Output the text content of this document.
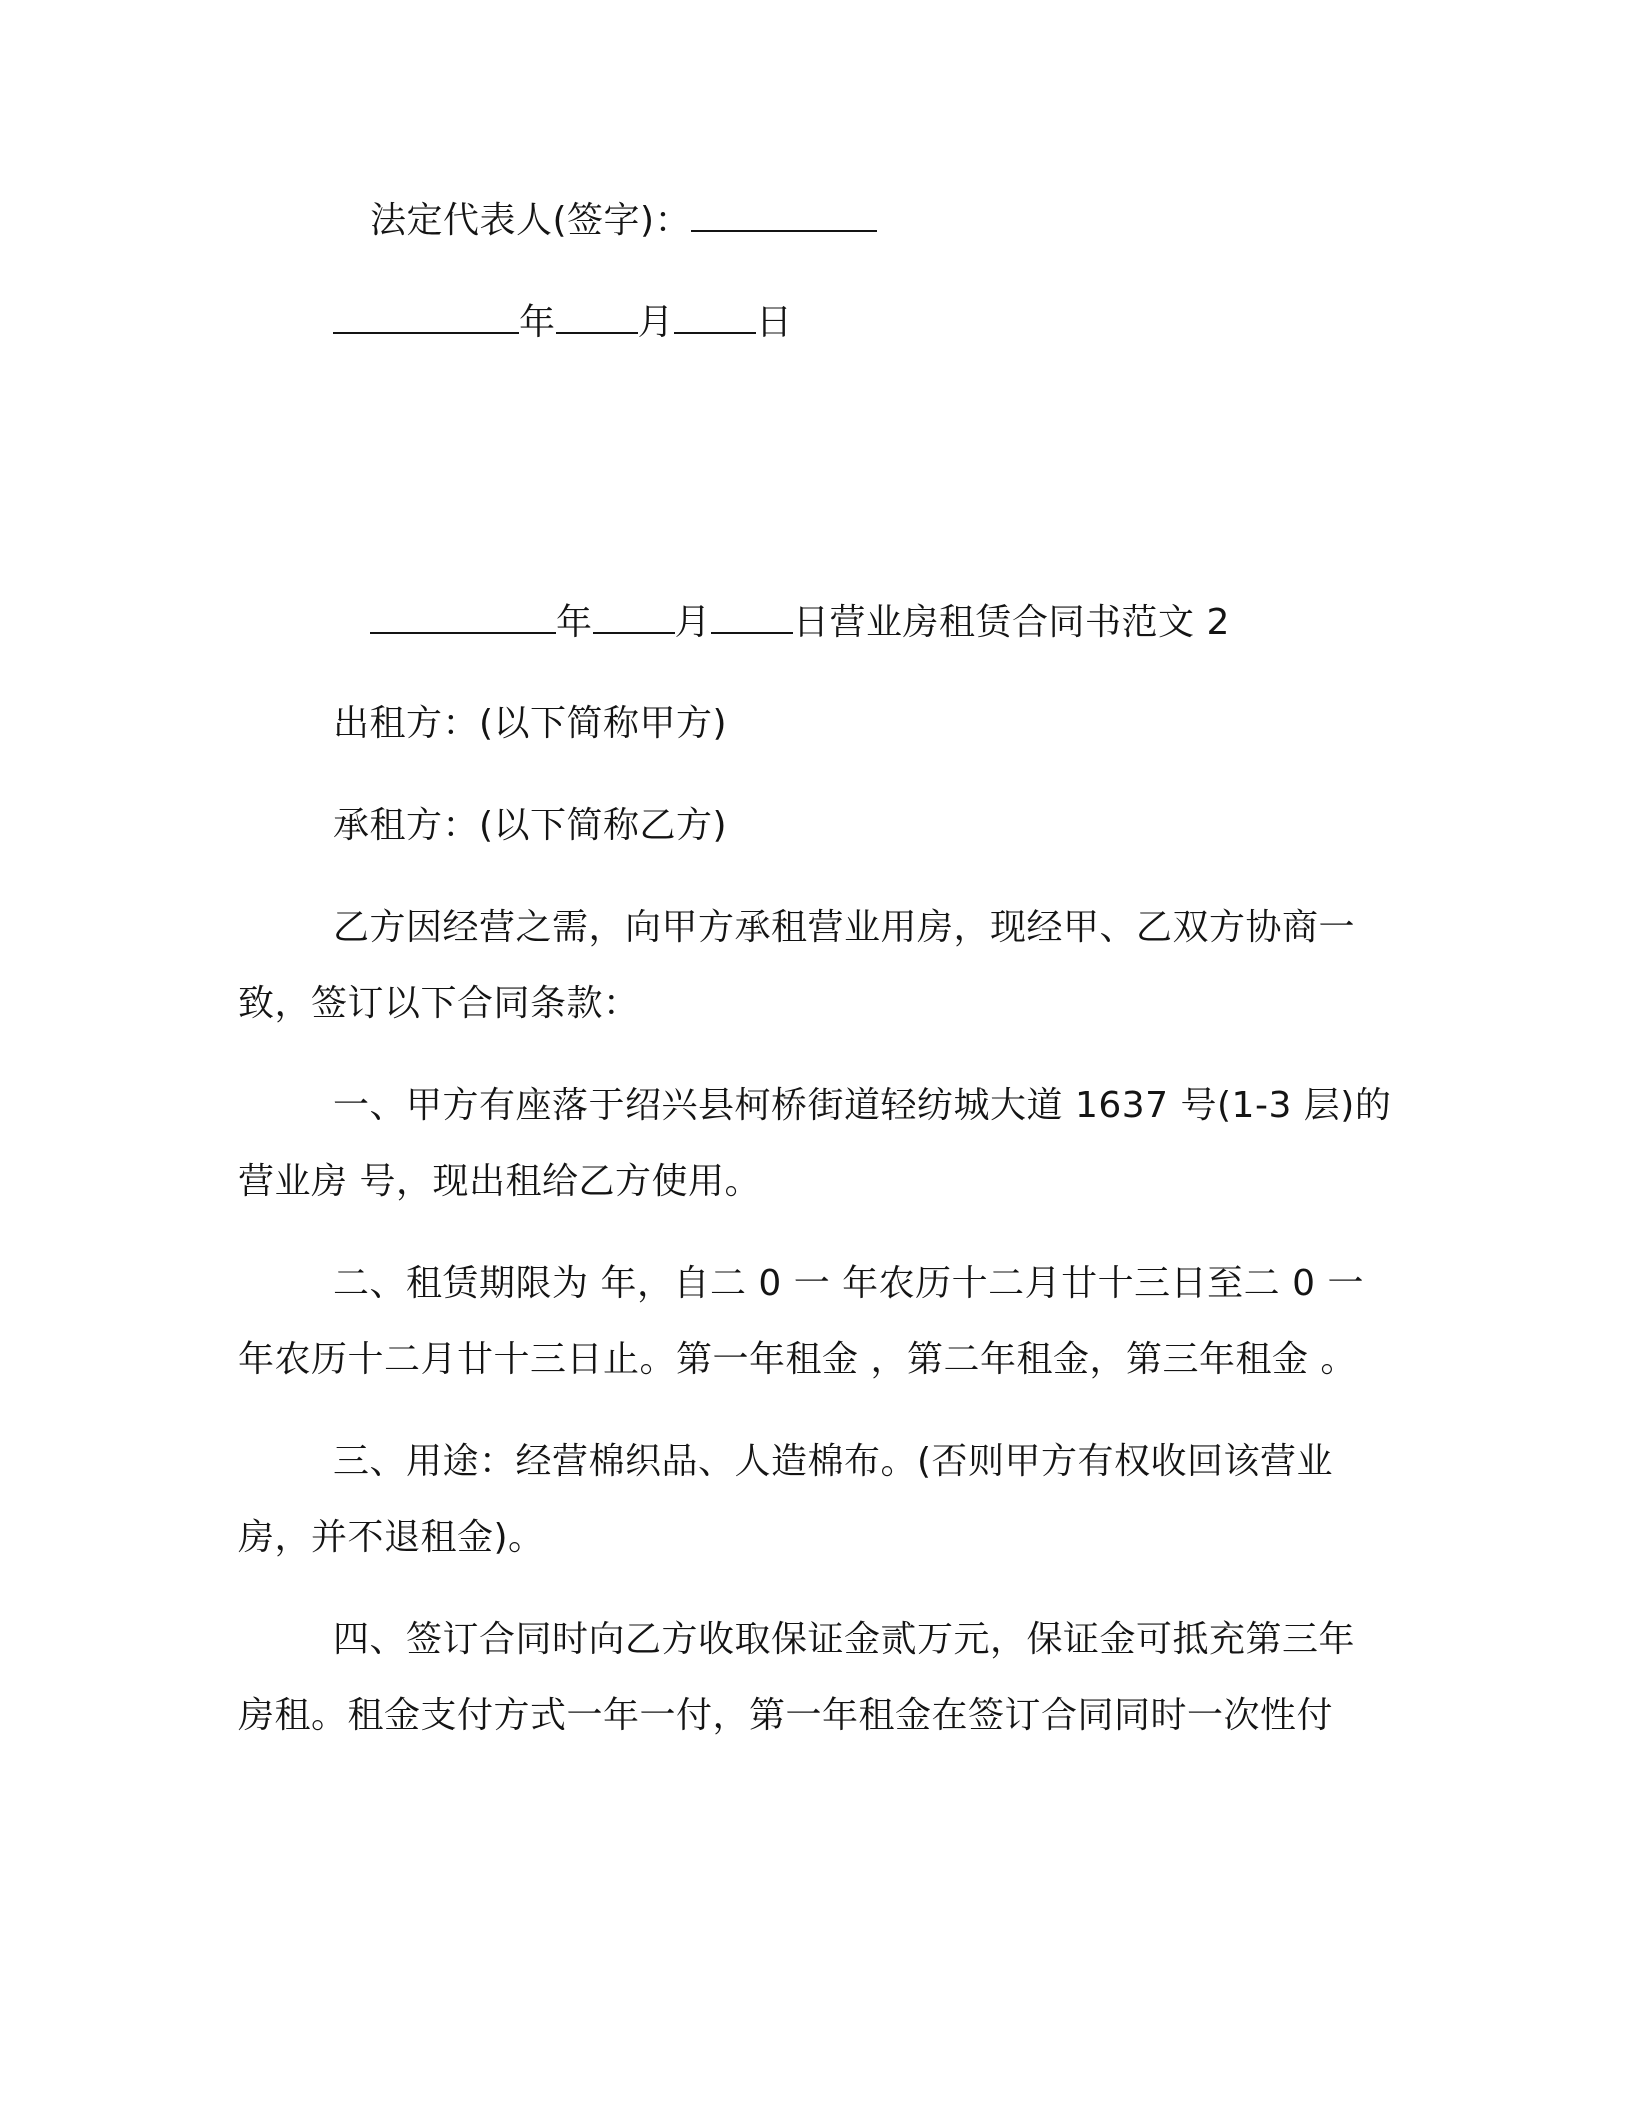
法定代表人(签字)：
年 月 日
年 月 日营业房租赁合同书范文 2
出租方：(以下简称甲方)
承租方：(以下简称乙方)
乙方因经营之需，向甲方承租营业用房，现经甲、乙双方协商一
致，签订以下合同条款：
一、甲方有座落于绍兴县柯桥街道轻纺城大道 1637 号(1-3 层)的
营业房 号，现出租给乙方使用。
二、租赁期限为 年，自二 0 一 年农历十二月廿十三日至二 0 一
年农历十二月廿十三日止。第一年租金 ，第二年租金，第三年租金 。
三、用途：经营棉织品、人造棉布。(否则甲方有权收回该营业
房，并不退租金)。
四、签订合同时向乙方收取保证金贰万元，保证金可抵充第三年
房租。租金支付方式一年一付，第一年租金在签订合同同时一次性付
